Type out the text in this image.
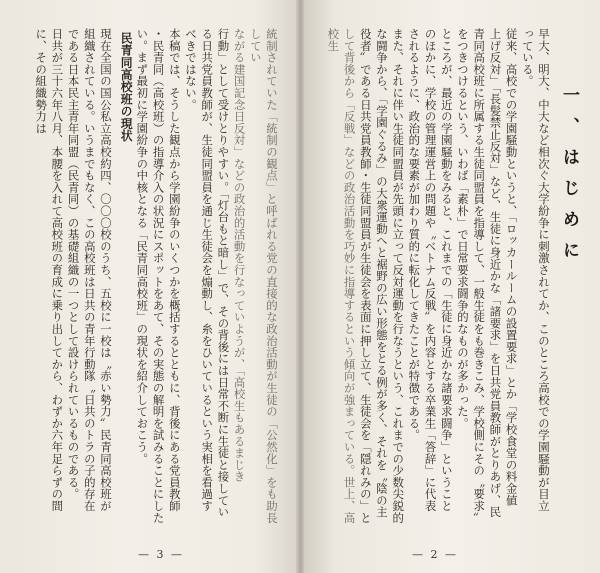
統制されていた「統制の観点」と呼ばれる党の直接的な政治活動が生徒の「公然化」をも助長してい

ながる建国記念日反対」などの政治的活動を行なっていようが、「高校生もあるまじき

行動」として受けとりやすい。「灯台もと暗し」で、その背後には日常不断に生徒と接してい

る日共党員教師が、生徒同盟員を通じ生徒会を煽動し、糸をひいているという実相を看過す

べきではない。

本稿では、そうした観点から学園紛争のいくつかを概括するとともに、背後にある党員教師

・民青同（高校班）の指導介入の状況にスポットをあて、その実態の解明を試みることにした

い。まず最初に学園紛争の中核となる「民青同高校班」の現状を紹介しておこう。

民青同高校班の現状

現在全国の国公私立高校約四、〇〇〇校のうち、五校に一校は〝赤い勢力〟民青同高校班が

組織されている。いうまでもなく、この高校班は日共の青年行動隊〝日共のトラの子的存在

である日本民主青年同盟（民青同）の基礎組織の一つとして設けられているものである。

日共が三十六年八月、本腰を入れて高校班の育成に乗り出してから、わずか六年足らずの間

に、その組織勢力は

— 3 —

早大、明大、中大など相次ぐ大学紛争に刺激されてか、このところ高校での学園騒動が目立

っている。

従来、高校での学園騒動というと、「ロッカールームの設置要求」とか「学校食堂の料金値

上げ反対」「長髪禁止反対」など、生徒に身近かな「諸要求」を日共党員教師がとりあげ、民

青同高校班に所属する生徒同盟員を指導して、一般生徒をも巻きこみ、学校側にその〝要求〟

をつきつけるという、いわば「素朴」で日常要求闘争的なものが多かった。

ところが、最近の学園騒動をみると、これまでの「生徒に身近かな諸要求闘争」ということ

のほかに、学校の管理運営上の問題や〝ベトナム反戦〟を内容とする卒業生「答辞」に代表

されるように、政治的な要素が加わり質的に転化してきたことが特徴である。

また、それに伴い生徒同盟員が先頭に立って反対運動を行なうという、これまでの少数尖鋭的

な闘争から、「学園ぐるみ」の大衆運動へと裾野の広い形態をとる例が多く、それを〝陰の主

役者〟である日共党員教師・生徒同盟員が生徒会を表面に押し立て、生徒会を「隠れみの」と

して背後から「反戦」などの政治活動を巧妙に指導するという傾向が強まっている。世上、高校生

一、はじめに
— 2 —
